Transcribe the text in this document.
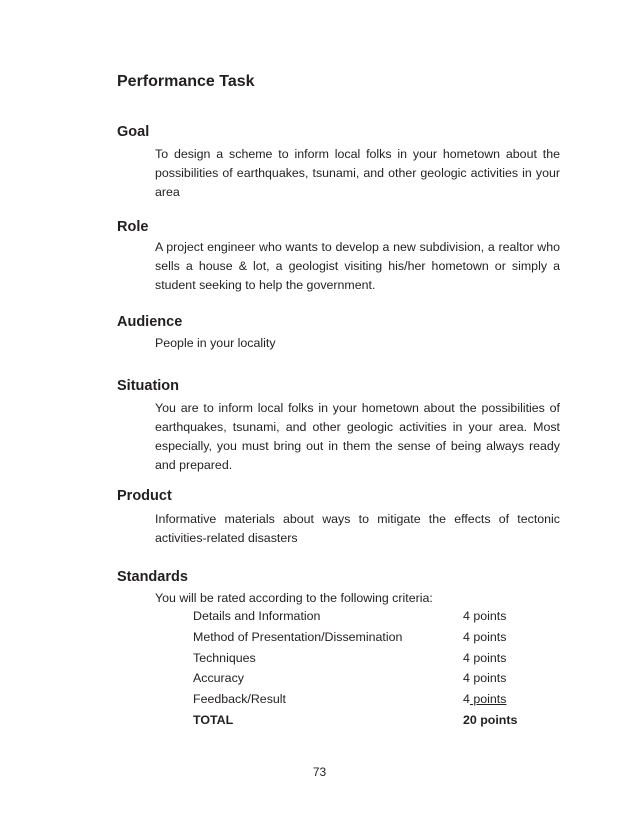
Performance Task
Goal
To design a scheme to inform local folks in your hometown about the possibilities of earthquakes, tsunami, and other geologic activities in your area
Role
A project engineer who wants to develop a new subdivision, a realtor who sells a house & lot, a geologist visiting his/her hometown or simply a student seeking to help the government.
Audience
People in your locality
Situation
You are to inform local folks in your hometown about the possibilities of earthquakes, tsunami, and other geologic activities in your area. Most especially, you must bring out in them the sense of being always ready and prepared.
Product
Informative materials about ways to mitigate the effects of tectonic activities-related disasters
Standards
You will be rated according to the following criteria:
Details and Information	4 points
Method of Presentation/Dissemination	4 points
Techniques	4 points
Accuracy	4 points
Feedback/Result	4 points
TOTAL	20 points
73
